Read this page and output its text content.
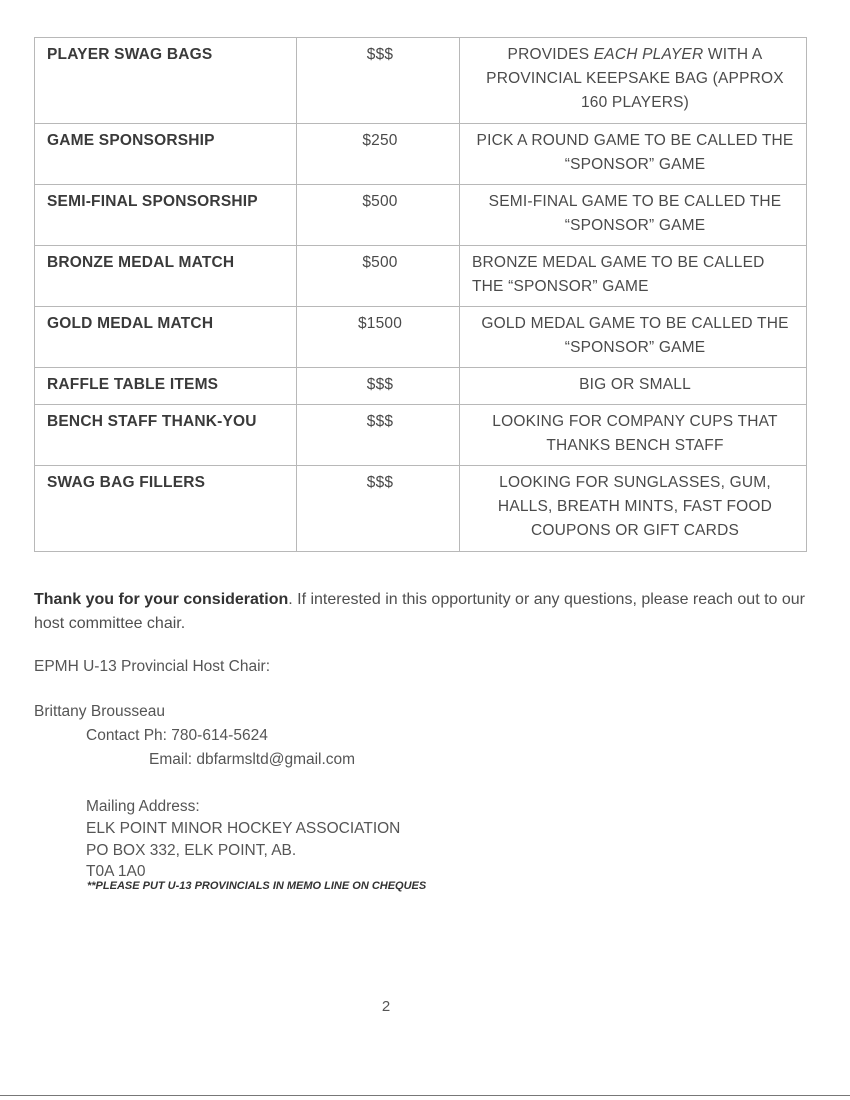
PLAYER SWAG BAGS	$$$	PROVIDES EACH PLAYER WITH A PROVINCIAL KEEPSAKE BAG (APPROX 160 PLAYERS)
GAME SPONSORSHIP	$250	PICK A ROUND GAME TO BE CALLED THE “SPONSOR” GAME
SEMI-FINAL SPONSORSHIP	$500	SEMI-FINAL GAME TO BE CALLED THE “SPONSOR” GAME
BRONZE MEDAL MATCH	$500	BRONZE MEDAL GAME TO BE CALLED THE “SPONSOR” GAME
GOLD MEDAL MATCH	$1500	GOLD MEDAL GAME TO BE CALLED THE “SPONSOR” GAME
RAFFLE TABLE ITEMS	$$$	BIG OR SMALL
BENCH STAFF THANK-YOU	$$$	LOOKING FOR COMPANY CUPS THAT THANKS BENCH STAFF
SWAG BAG FILLERS	$$$	LOOKING FOR SUNGLASSES, GUM, HALLS, BREATH MINTS, FAST FOOD COUPONS OR GIFT CARDS

Thank you for your consideration. If interested in this opportunity or any questions, please reach out to our host committee chair.

EPMH U-13 Provincial Host Chair:
Brittany Brousseau
Contact Ph: 780-614-5624
Email: dbfarmsltd@gmail.com
Mailing Address:
ELK POINT MINOR HOCKEY ASSOCIATION
PO BOX 332, ELK POINT, AB.
T0A 1A0
**PLEASE PUT U-13 PROVINCIALS IN MEMO LINE ON CHEQUES
2
